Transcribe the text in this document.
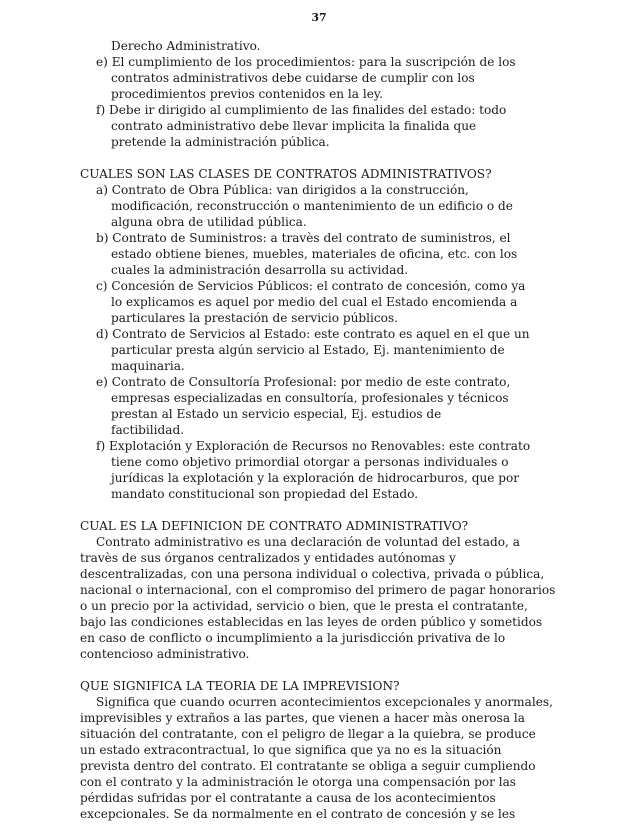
37
Derecho Administrativo.
e) El cumplimiento de los procedimientos: para la suscripción de los
contratos administrativos debe cuidarse de cumplir con los
procedimientos previos contenidos en la ley.
f) Debe ir dirigido al cumplimiento de las finalides del estado: todo
contrato administrativo debe llevar implicita la finalida que
pretende la administración pública.
CUALES SON LAS CLASES DE CONTRATOS ADMINISTRATIVOS?
a) Contrato de Obra Pública: van dirigidos a la construcción,
modificación, reconstrucción o mantenimiento de un edificio o de
alguna obra de utilidad pública.
b) Contrato de Suministros: a travès del contrato de suministros, el
estado obtiene bienes, muebles, materiales de oficina, etc. con los
cuales la administración desarrolla su actividad.
c) Concesión de Servicios Públicos: el contrato de concesión, como ya
lo explicamos es aquel por medio del cual el Estado encomienda a
particulares la prestación de servicio públicos.
d) Contrato de Servicios al Estado: este contrato es aquel en el que un
particular presta algún servicio al Estado, Ej. mantenimiento de
maquinaria.
e) Contrato de Consultoría Profesional: por medio de este contrato,
empresas especializadas en consultoría, profesionales y técnicos
prestan al Estado un servicio especial, Ej. estudios de
factibilidad.
f) Explotación y Exploración de Recursos no Renovables: este contrato
tiene como objetivo primordial otorgar a personas individuales o
jurídicas la explotación y la exploración de hidrocarburos, que por
mandato constitucional son propiedad del Estado.
CUAL ES LA DEFINICION DE CONTRATO ADMINISTRATIVO?
Contrato administrativo es una declaración de voluntad del estado, a
travès de sus órganos centralizados y entidades autónomas y
descentralizadas, con una persona individual o colectiva, privada o pública,
nacional o internacional, con el compromiso del primero de pagar honorarios
o un precio por la actividad, servicio o bien, que le presta el contratante,
bajo las condiciones establecidas en las leyes de orden público y sometidos
en caso de conflicto o incumplimiento a la jurisdicción privativa de lo
contencioso administrativo.
QUE SIGNIFICA LA TEORIA DE LA IMPREVISION?
Significa que cuando ocurren acontecimientos excepcionales y anormales,
imprevisibles y extraños a las partes, que vienen a hacer màs onerosa la
situación del contratante, con el peligro de llegar a la quiebra, se produce
un estado extracontractual, lo que significa que ya no es la situación
prevista dentro del contrato. El contratante se obliga a seguir cumpliendo
con el contrato y la administración le otorga una compensación por las
pérdidas sufridas por el contratante a causa de los acontecimientos
excepcionales. Se da normalmente en el contrato de concesión y se les
